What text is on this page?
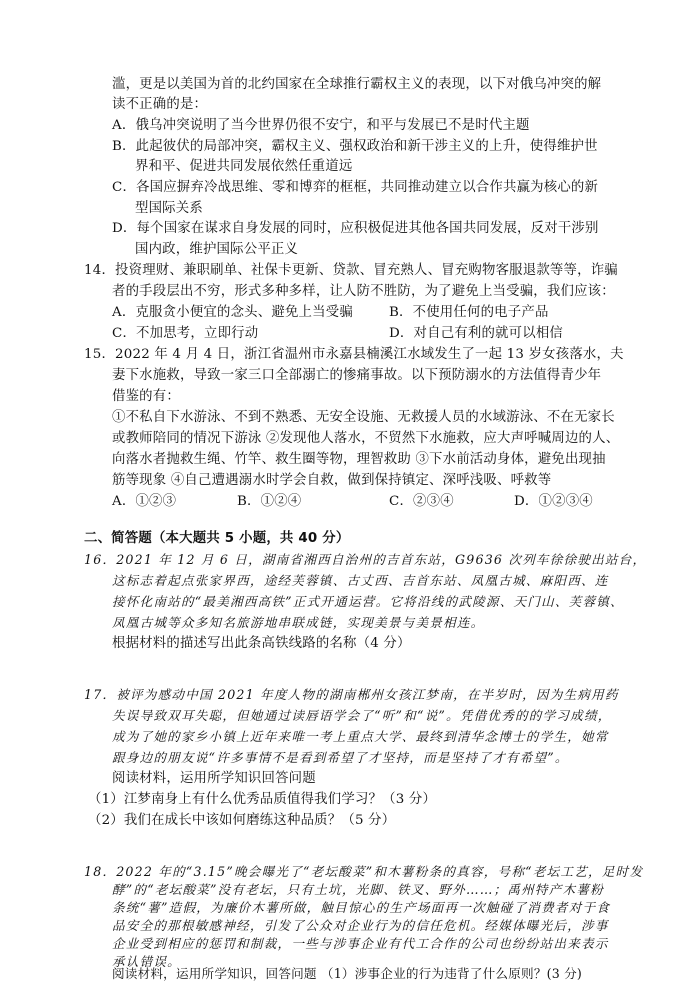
滥，更是以美国为首的北约国家在全球推行霸权主义的表现，以下对俄乌冲突的解
读不正确的是：
A．俄乌冲突说明了当今世界仍很不安宁，和平与发展已不是时代主题
B．此起彼伏的局部冲突，霸权主义、强权政治和新干涉主义的上升，使得维护世
界和平、促进共同发展依然任重道远
C．各国应摒弃冷战思维、零和博弈的框框，共同推动建立以合作共赢为核心的新
型国际关系
D．每个国家在谋求自身发展的同时，应积极促进其他各国共同发展，反对干涉别
国内政，维护国际公平正义
14．投资理财、兼职刷单、社保卡更新、贷款、冒充熟人、冒充购物客服退款等等，诈骗
者的手段层出不穷，形式多种多样，让人防不胜防，为了避免上当受骗，我们应该：
A．克服贪小便宜的念头、避免上当受骗	B．不使用任何的电子产品
C．不加思考，立即行动	D．对自己有利的就可以相信
15．2022 年 4 月 4 日，浙江省温州市永嘉县楠溪江水域发生了一起 13 岁女孩落水，夫
妻下水施救，导致一家三口全部溺亡的惨痛事故。以下预防溺水的方法值得青少年
借鉴的有：
①不私自下水游泳、不到不熟悉、无安全设施、无救援人员的水域游泳、不在无家长
或教师陪同的情况下游泳 ②发现他人落水，不贸然下水施救，应大声呼喊周边的人、
向落水者抛救生绳、竹竿、救生圈等物，理智救助 ③下水前活动身体，避免出现抽
筋等现象 ④自己遭遇溺水时学会自救，做到保持镇定、深呼浅吸、呼救等
A．①②③	B．①②④	C．②③④	D．①②③④
二、简答题（本大题共 5 小题，共 40 分）
16．2021 年 12 月 6 日，湖南省湘西自治州的吉首东站，G9636 次列车徐徐驶出站台，
这标志着起点张家界西，途经芙蓉镇、古丈西、吉首东站、凤凰古城、麻阳西、连
接怀化南站的“最美湘西高铁”正式开通运营。它将沿线的武陵源、天门山、芙蓉镇、
凤凰古城等众多知名旅游地串联成链，实现美景与美景相连。
根据材料的描述写出此条高铁线路的名称（4 分）
17．被评为感动中国 2021 年度人物的湖南郴州女孩江梦南，在半岁时，因为生病用药
失误导致双耳失聪，但她通过读唇语学会了“听”和“说”。凭借优秀的的学习成绩，
成为了她的家乡小镇上近年来唯一考上重点大学、最终到清华念博士的学生，她常
跟身边的朋友说“许多事情不是看到希望了才坚持，而是坚持了才有希望”。
阅读材料，运用所学知识回答问题
（1）江梦南身上有什么优秀品质值得我们学习？（3 分）
（2）我们在成长中该如何磨练这种品质？（5 分）
18．2022 年的“3.15”晚会曝光了“老坛酸菜”和木薯粉条的真容，号称“老坛工艺，足时发
酵”的“老坛酸菜”没有老坛，只有土坑，光脚、铁叉、野外……；禹州特产木薯粉
条统“薯”造假，为廉价木薯所做，触目惊心的生产场面再一次触碰了消费者对于食
品安全的那根敏感神经，引发了公众对企业行为的信任危机。经媒体曝光后，涉事
企业受到相应的惩罚和制裁，一些与涉事企业有代工合作的公司也纷纷站出来表示
承认错误。
阅读材料，运用所学知识，回答问题 （1）涉事企业的行为违背了什么原则？(3 分)
